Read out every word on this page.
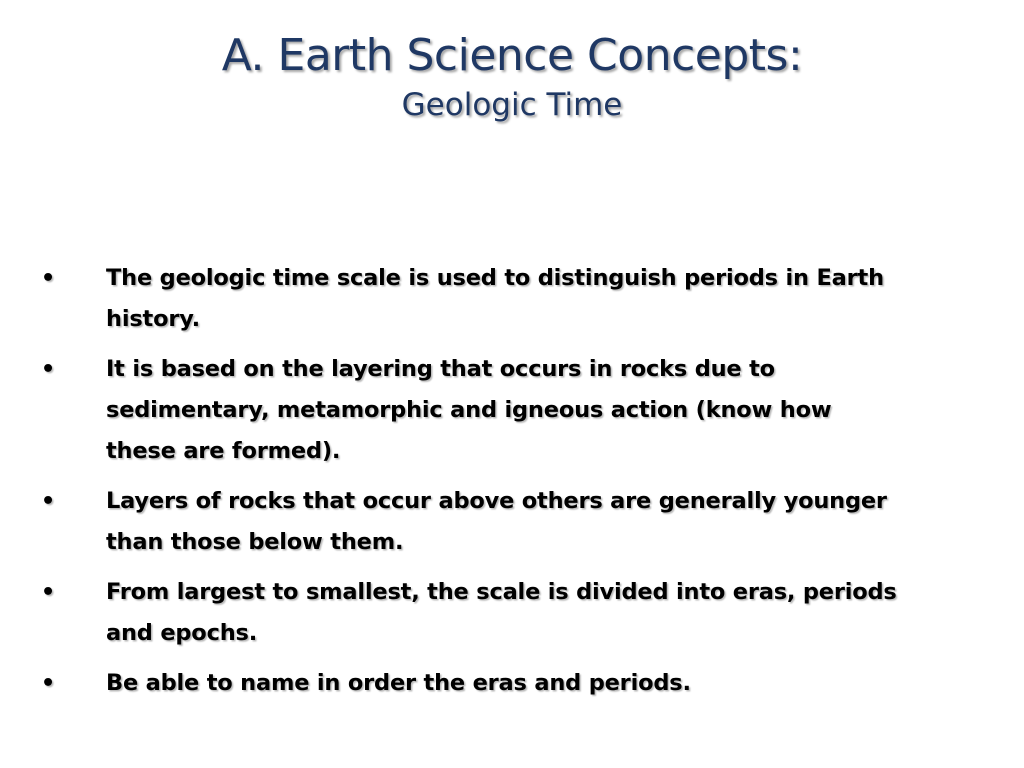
A. Earth Science Concepts:
Geologic Time
• The geologic time scale is used to distinguish periods in Earth history.
• It is based on the layering that occurs in rocks due to sedimentary, metamorphic and igneous action (know how these are formed).
• Layers of rocks that occur above others are generally younger than those below them.
• From largest to smallest, the scale is divided into eras, periods and epochs.
• Be able to name in order the eras and periods.
